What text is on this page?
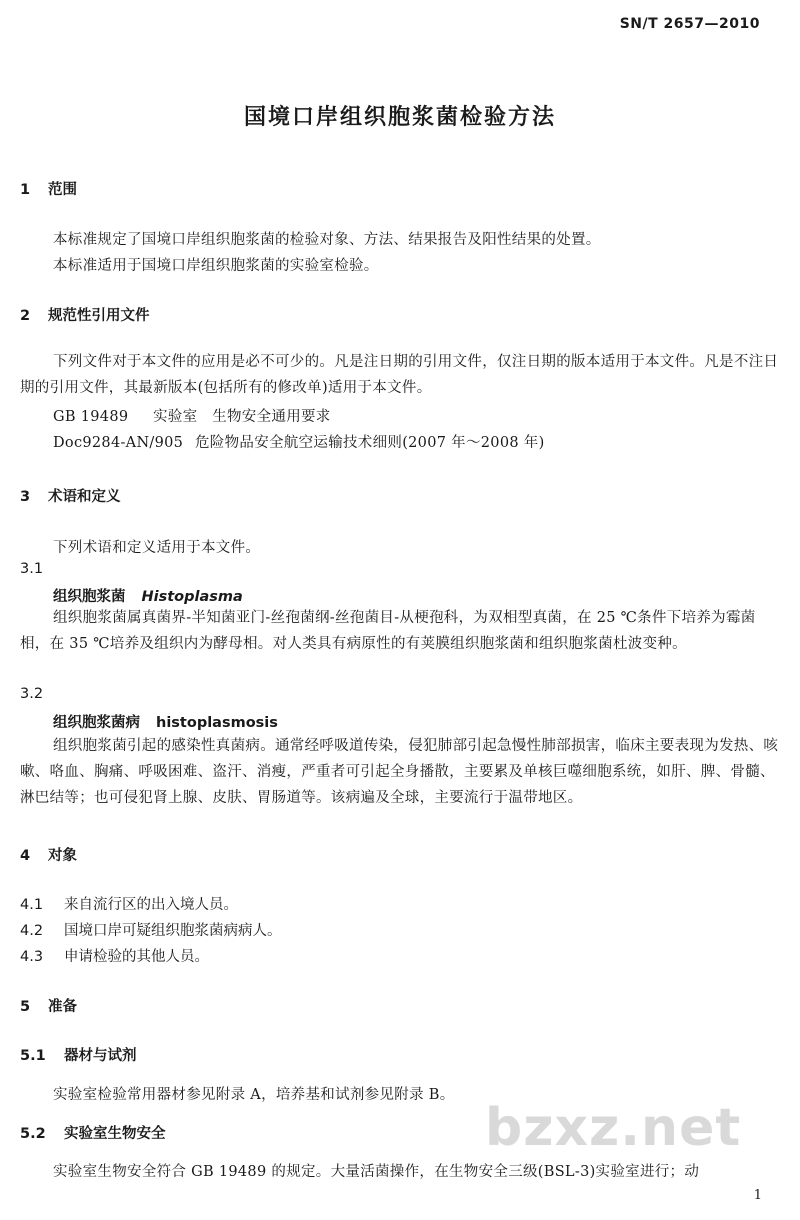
SN/T 2657—2010
国境口岸组织胞浆菌检验方法
1 范围
本标准规定了国境口岸组织胞浆菌的检验对象、方法、结果报告及阳性结果的处置。
本标准适用于国境口岸组织胞浆菌的实验室检验。
2 规范性引用文件
下列文件对于本文件的应用是必不可少的。凡是注日期的引用文件，仅注日期的版本适用于本文件。凡是不注日期的引用文件，其最新版本(包括所有的修改单)适用于本文件。
GB 19489 实验室　生物安全通用要求
Doc9284-AN/905 危险物品安全航空运输技术细则(2007 年～2008 年)
3 术语和定义
下列术语和定义适用于本文件。
3.1
组织胞浆菌 Histoplasma
组织胞浆菌属真菌界-半知菌亚门-丝孢菌纲-丝孢菌目-从梗孢科，为双相型真菌，在 25 ℃条件下培养为霉菌相，在 35 ℃培养及组织内为酵母相。对人类具有病原性的有荚膜组织胞浆菌和组织胞浆菌杜波变种。
3.2
组织胞浆菌病 histoplasmosis
组织胞浆菌引起的感染性真菌病。通常经呼吸道传染，侵犯肺部引起急慢性肺部损害，临床主要表现为发热、咳嗽、咯血、胸痛、呼吸困难、盗汗、消瘦，严重者可引起全身播散，主要累及单核巨噬细胞系统，如肝、脾、骨髓、淋巴结等；也可侵犯肾上腺、皮肤、胃肠道等。该病遍及全球，主要流行于温带地区。
4 对象
4.1 来自流行区的出入境人员。
4.2 国境口岸可疑组织胞浆菌病病人。
4.3 申请检验的其他人员。
5 准备
5.1 器材与试剂
实验室检验常用器材参见附录 A，培养基和试剂参见附录 B。
5.2 实验室生物安全
实验室生物安全符合 GB 19489 的规定。大量活菌操作，在生物安全三级(BSL-3)实验室进行；动
bzxz.net
1
